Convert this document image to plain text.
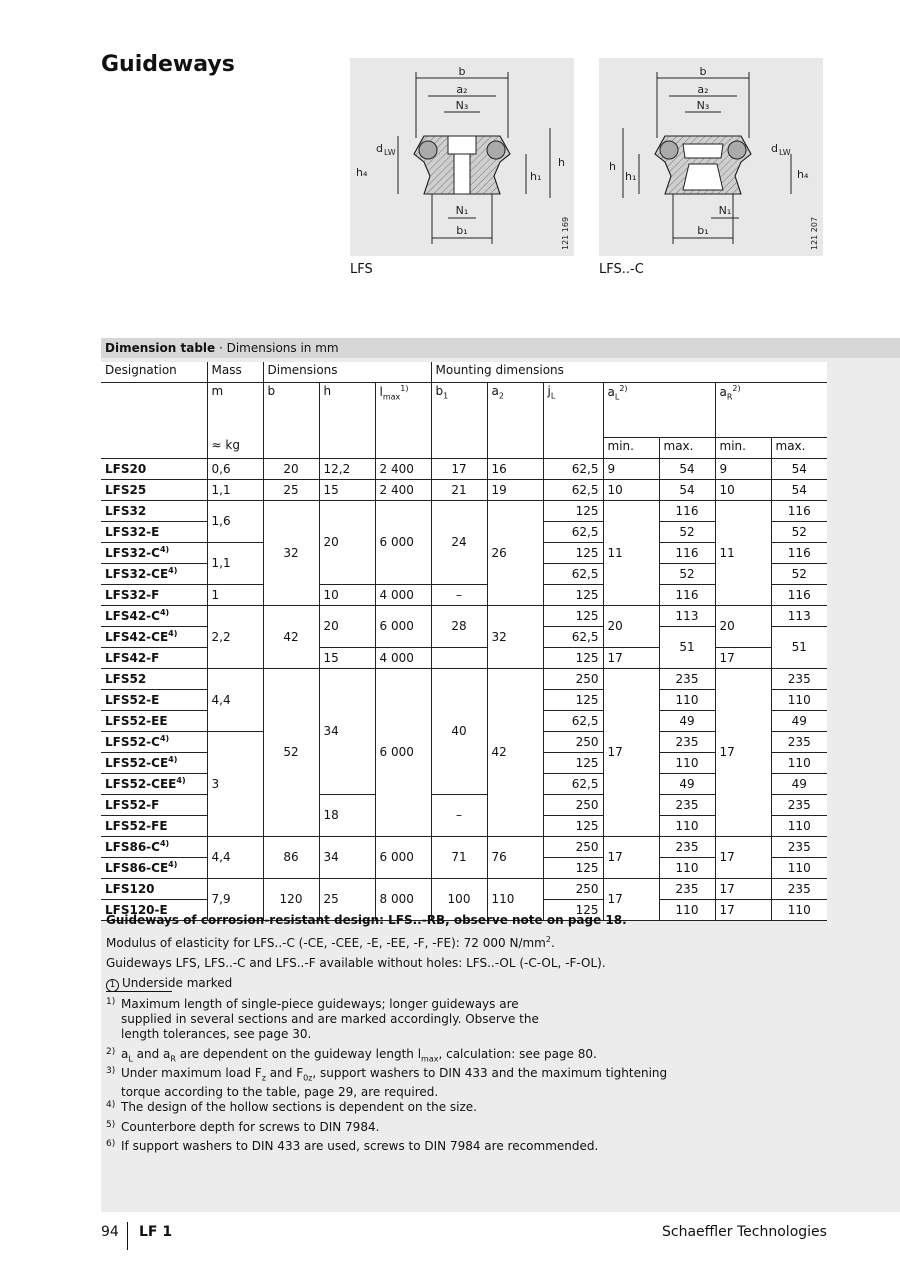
Guideways	b
a₂
N₃
h₄
d LW
h
h₁
N₁
b₁	121 169
LFS
b
a₂
N₃
h
h₁	h₄
d LW
N₁
b₁	121 207
LFS..-C
Dimension table · Dimensions in mm
Designation	Mass	Dimensions			Mounting dimensions						
	m	b	h	$l_{max}^{1)}$	$b_1$	$a_2$	$j_L$	$a_L^{2)}$		$a_R^{2)}$
	≈ kg							min.	max.	min.	max.
LFS20	0,6	20	12,2	2 400	17	16	62,5	9	54	9	54
LFS25	1,1	25	15	2 400	21	19	62,5	10	54	10	54
LFS32	1,6	32	20	6 000	24	26	125	11	116	11	116
LFS32-E							62,5		52		52
$LFS32-C^{4)}$	1,1						125		116		116
LFS32-CE$^{4)}$							62,5		52		52
LFS32-F	1		10	4 000	–		125		116		116
$LFS42-C^{4)}$	2,2	42	20	6 000	28	32	125	20	113	20	113
LFS42-CE$^{4)}$							62,5		51		51
LFS42-F			15	4 000			125	17		17	
LFS52	4,4	52	34	6 000	40	42	250	17	235	17	235
LFS52-E							125		110		110
LFS52-EE							62,5		49		49
$LFS52-C^{4)}$	3						250		235		235
LFS52-CE$^{4)}$							125		110		110
LFS52-CEE$^{4)}$							62,5		49		49
LFS52-F			18		–		250		235		235
LFS52-FE							125		110		110
$LFS86-C^{4)}$	4,4	86	34	6 000	71	76	250	17	235	17	235
LFS86-CE$^{4)}$							125		110		110
LFS120	7,9	120	25	8 000	100	110	250	17	235	17	235
LFS120-E							125		110	17	110
Guideways of corrosion-resistant design: LFS..-RB, observe note on page 18.
Modulus of elasticity for LFS..-C (-CE, -CEE, -E, -EE, -F, -FE): 72 000 $N/mm^2$.
Guideways LFS, LFS..-C and LFS..-F available without holes: LFS..-OL (-C-OL, -F-OL).
1 Underside marked
1) Maximum length of single-piece guideways; longer guideways are supplied in several sections and are marked accordingly. Observe the length tolerances, see page 30.
2) $a_L$ and $a_R$ are dependent on the guideway length $l_{max}$, calculation: see page 80.
3) Under maximum load $F_z$ and $F_{0z}$, support washers to DIN 433 and the maximum tightening torque according to the table, page 29, are required.
4) The design of the hollow sections is dependent on the size.
5) Counterbore depth for screws to DIN 7984.
6) If support washers to DIN 433 are used, screws to DIN 7984 are recommended.
94 LF 1	Schaeffler Technologies
